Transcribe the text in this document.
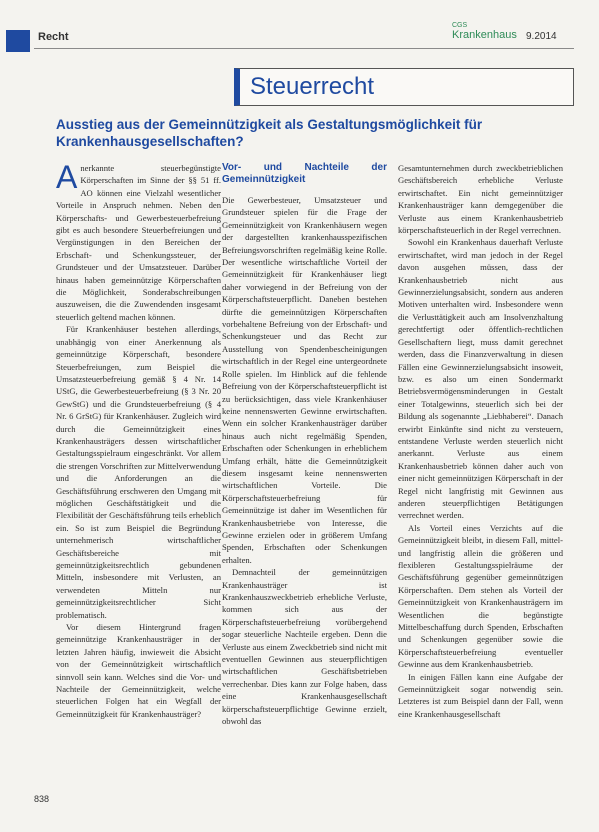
Recht
CGS
Krankenhaus 9.2014
Steuerrecht
Ausstieg aus der Gemeinnützigkeit als Gestaltungsmöglichkeit für Krankenhausgesellschaften?

Anerkannte steuerbegünstigte Körperschaften im Sinne der §§ 51 ff. AO können eine Vielzahl wesentlicher Vorteile in Anspruch nehmen. Neben den Körperschafts- und Gewerbesteuerbefreiung gibt es auch besondere Steuerbefreiungen und Vergünstigungen in den Bereichen der Erbschaft- und Schenkungssteuer, der Grundsteuer und der Umsatzsteuer. Darüber hinaus haben gemeinnützige Körperschaften die Möglichkeit, Sonderabschreibungen auszuweisen, die die Zuwendenden insgesamt steuerlich geltend machen können.

Für Krankenhäuser bestehen allerdings, unabhängig von einer Anerkennung als gemeinnützige Körperschaft, besondere Steuerbefreiungen, zum Beispiel die Umsatzsteuerbefreiung gemäß § 4 Nr. 14 UStG, die Gewerbesteuerbefreiung (§ 3 Nr. 20 GewStG) und die Grundsteuerbefreiung (§ 4 Nr. 6 GrStG) für Krankenhäuser. Zugleich wird durch die Gemeinnützigkeit eines Krankenhausträgers dessen wirtschaftlicher Gestaltungsspielraum eingeschränkt. Vor allem die strengen Vorschriften zur Mittelverwendung und die Anforderungen an die Geschäftsführung erschweren den Umgang mit möglichen Geschäftstätigkeit und die Flexibilität der Geschäftsführung teils erheblich ein. So ist zum Beispiel die Begründung unternehmerisch wirtschaftlicher Geschäftsbereiche mit gemeinnützigkeitsrechtlich gebundenen Mitteln, insbesondere mit Verlusten, an verwendeten Mitteln nur gemeinnützigkeitsrechtlicher Sicht problematisch.

Vor diesem Hintergrund fragen gemeinnützige Krankenhausträger in der letzten Jahren häufig, inwieweit die Absicht von der Gemeinnützigkeit wirtschaftlich sinnvoll sein kann. Welches sind die Vor- und Nachteile der Gemeinnützigkeit, welche steuerlichen Folgen hat ein Wegfall der Gemeinnützigkeit für Krankenhausträger?

Vor- und Nachteile der Gemeinnützigkeit

Die Gewerbesteuer, Umsatzsteuer und Grundsteuer spielen für die Frage der Gemeinnützigkeit von Krankenhäusern wegen der dargestellten krankenhausspezifischen Befreiungsvorschriften regelmäßig keine Rolle. Der wesentliche wirtschaftliche Vorteil der Gemeinnützigkeit für Krankenhäuser liegt daher vorwiegend in der Befreiung von der Körperschaftsteuerpflicht. Daneben bestehen dürfte die gemeinnützigen Körperschaften vorbehaltene Befreiung von der Erbschaft- und Schenkungsteuer und das Recht zur Ausstellung von Spendenbescheinigungen wirtschaftlich in der Regel eine untergeordnete Rolle spielen. Im Hinblick auf die fehlende Befreiung von der Körperschaftsteuerpflicht ist zu berücksichtigen, dass viele Krankenhäuser keine nennenswerten Gewinne erwirtschaften. Wenn ein solcher Krankenhausträger darüber hinaus auch nicht regelmäßig Spenden, Erbschaften oder Schenkungen in erheblichem Umfang erhält, hätte die Gemeinnützigkeit diesem insgesamt keine nennenswerten wirtschaftlichen Vorteile. Die Körperschaftsteuerbefreiung für Gemeinnützige ist daher im Wesentlichen für Krankenhausbetriebe von Interesse, die Gewinne erzielen oder in größerem Umfang Spenden, Erbschaften oder Schenkungen erhalten.

Demnachteil der gemeinnützigen Krankenhausträger ist Krankenhauszweckbetrieb erhebliche Verluste, kommen sich aus der Körperschaftsteuerbefreiung vorübergehend sogar steuerliche Nachteile ergeben. Denn die Verluste aus einem Zweckbetrieb sind nicht mit eventuellen Gewinnen aus steuerpflichtigen wirtschaftlichen Geschäftsbetrieben verrechenbar. Dies kann zur Folge haben, dass eine Krankenhausgesellschaft körperschaftsteuerpflichtige Gewinne erzielt, obwohl das

Gesamtunternehmen durch zweckbetrieblichen Geschäftsbereich erhebliche Verluste erwirtschaftet. Ein nicht gemeinnütziger Krankenhausträger kann demgegenüber die Verluste aus einem Krankenhausbetrieb körperschaftsteuerlich in der Regel verrechnen.

Sowohl ein Krankenhaus dauerhaft Verluste erwirtschaftet, wird man jedoch in der Regel davon ausgehen müssen, dass der Krankenhausbetrieb nicht aus Gewinnerzielungsabsicht, sondern aus anderen Motiven unterhalten wird. Insbesondere wenn die Verlusttätigkeit auch am Insolvenzhaltung gerechtfertigt oder öffentlich-rechtlichen Gesellschaftern liegt, muss damit gerechnet werden, dass die Finanzverwaltung in diesen Fällen eine Gewinnerzielungsabsicht insoweit, bzw. es also um einen Sondermarkt Betriebsvermögensminderungen in Gestalt einer Totalgewinns, steuerlich sich bei der Bildung als sogenannte „Liebhaberei“. Danach erwirbt Einkünfte sind nicht zu versteuern, entstandene Verluste werden steuerlich nicht anerkannt. Verluste aus einem Krankenhausbetrieb können daher auch von einer nicht gemeinnützigen Körperschaft in der Regel nicht langfristig mit Gewinnen aus anderen steuerpflichtigen Betätigungen verrechnet werden.

Als Vorteil eines Verzichts auf die Gemeinnützigkeit bleibt, in diesem Fall, mittel- und langfristig allein die größeren und flexibleren Gestaltungsspielräume der Geschäftsführung gegenüber gemeinnützigen Körperschaften. Dem stehen als Vorteil der Gemeinnützigkeit von Krankenhausträgern im Wesentlichen die begünstigte Mittelbeschaffung durch Spenden, Erbschaften und Schenkungen gegenüber sowie die Körperschaftsteuerbefreiung eventueller Gewinne aus dem Krankenhausbetrieb.

In einigen Fällen kann eine Aufgabe der Gemeinnützigkeit sogar notwendig sein. Letzteres ist zum Beispiel dann der Fall, wenn eine Krankenhausgesellschaft

838
